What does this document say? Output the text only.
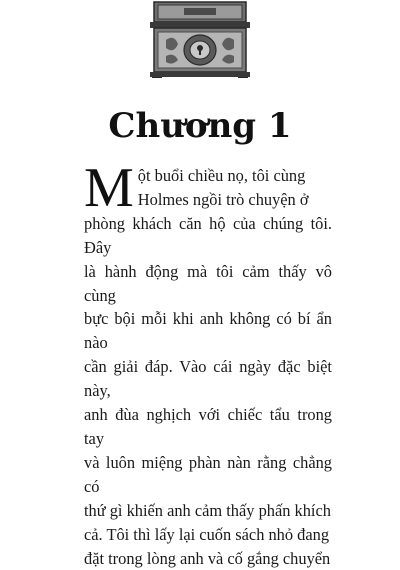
Chương 1
M ột buổi chiều nọ, tôi cùng
Holmes ngồi trò chuyện ở
phòng khách căn hộ của chúng tôi. Đây
là hành động mà tôi cảm thấy vô cùng
bực bội mỗi khi anh không có bí ẩn nào
cần giải đáp. Vào cái ngày đặc biệt này,
anh đùa nghịch với chiếc tẩu trong tay
và luôn miệng phàn nàn rằng chẳng có
thứ gì khiến anh cảm thấy phấn khích
cả. Tôi thì lấy lại cuốn sách nhỏ đang
đặt trong lòng anh và cố gắng chuyển
